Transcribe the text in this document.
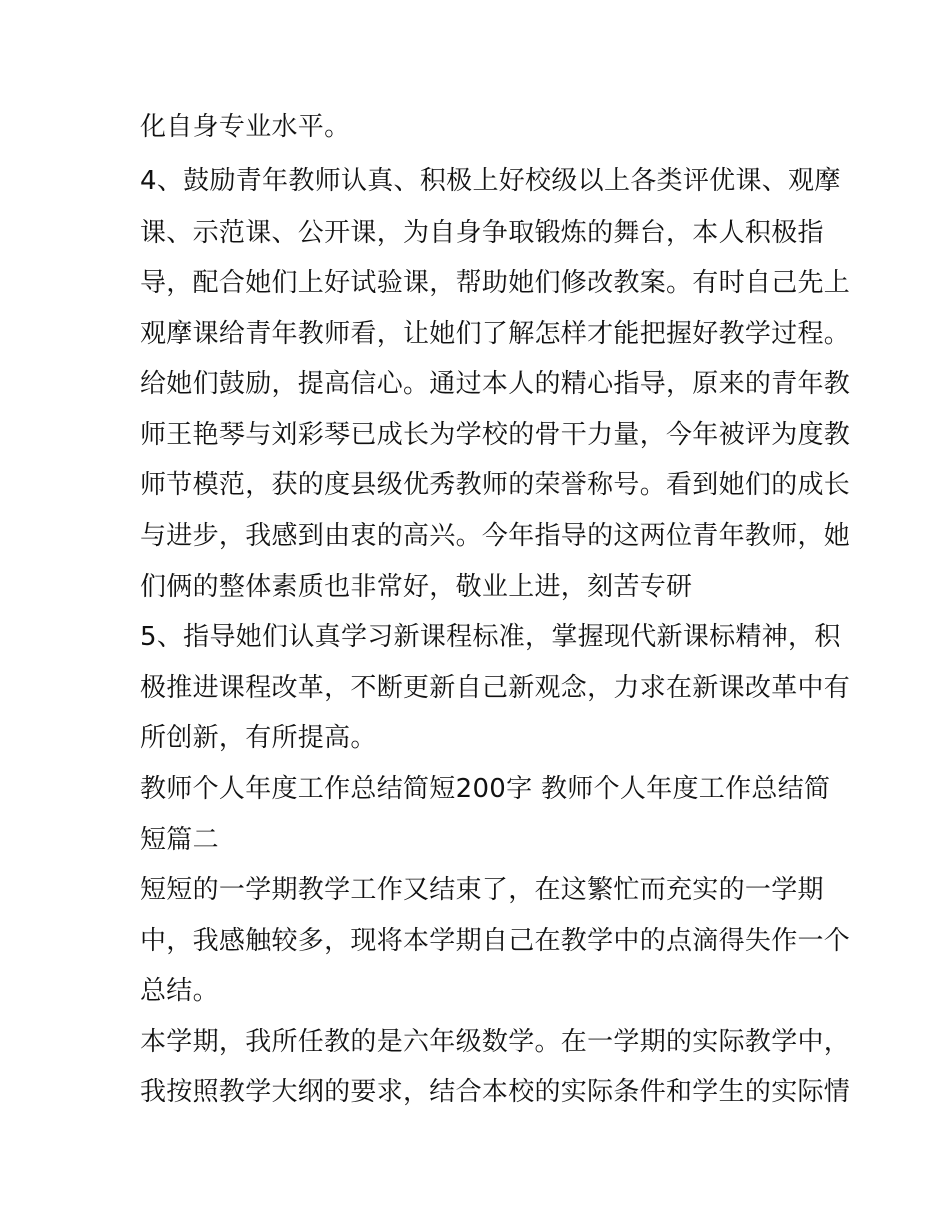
化自身专业水平。
4、鼓励青年教师认真、积极上好校级以上各类评优课、观摩
课、示范课、公开课，为自身争取锻炼的舞台，本人积极指
导，配合她们上好试验课，帮助她们修改教案。有时自己先上
观摩课给青年教师看，让她们了解怎样才能把握好教学过程。
给她们鼓励，提高信心。通过本人的精心指导，原来的青年教
师王艳琴与刘彩琴已成长为学校的骨干力量，今年被评为度教
师节模范，获的度县级优秀教师的荣誉称号。看到她们的成长
与进步，我感到由衷的高兴。今年指导的这两位青年教师，她
们俩的整体素质也非常好，敬业上进，刻苦专研
5、指导她们认真学习新课程标准，掌握现代新课标精神，积
极推进课程改革，不断更新自己新观念，力求在新课改革中有
所创新，有所提高。
教师个人年度工作总结简短200字 教师个人年度工作总结简
短篇二
短短的一学期教学工作又结束了，在这繁忙而充实的一学期
中，我感触较多，现将本学期自己在教学中的点滴得失作一个
总结。
本学期，我所任教的是六年级数学。在一学期的实际教学中，
我按照教学大纲的要求，结合本校的实际条件和学生的实际情
